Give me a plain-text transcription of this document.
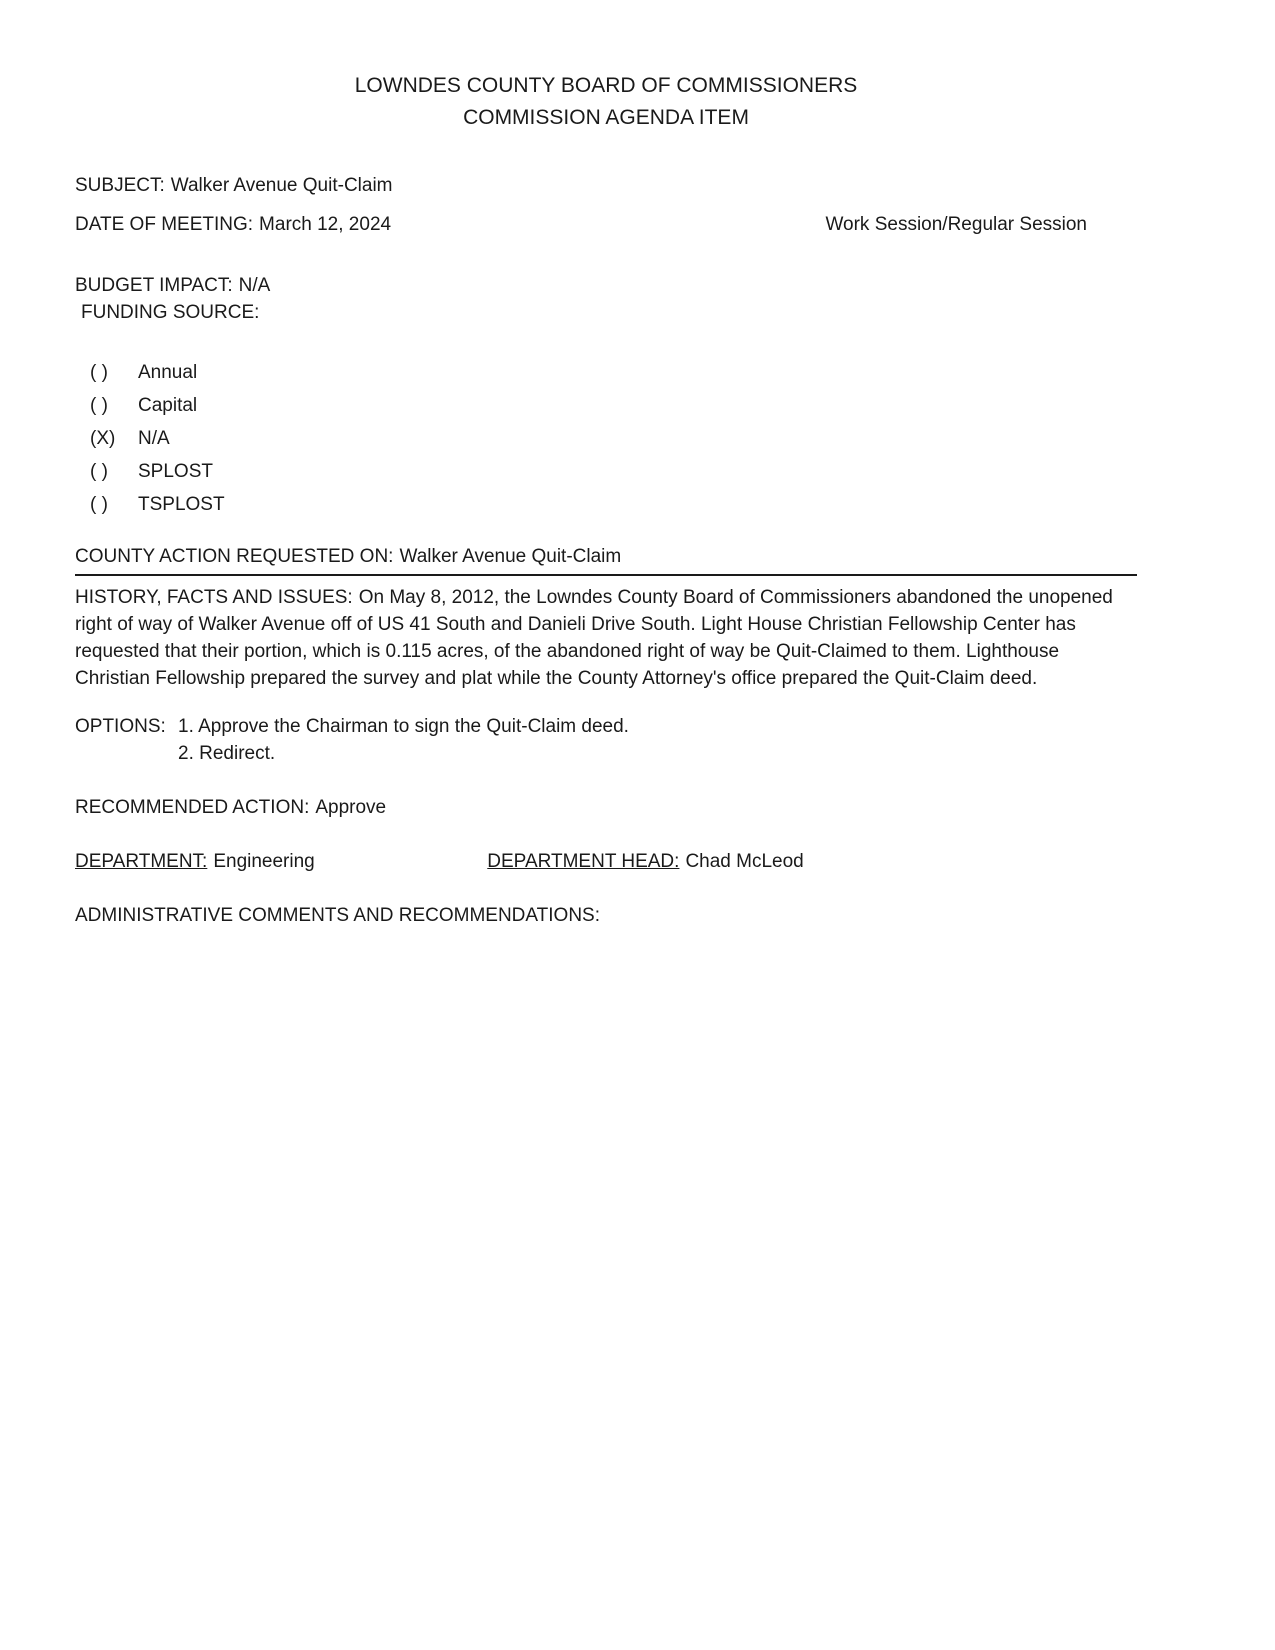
LOWNDES COUNTY BOARD OF COMMISSIONERS
COMMISSION AGENDA ITEM
SUBJECT: Walker Avenue Quit-Claim
DATE OF MEETING: March 12, 2024	Work Session/Regular Session
BUDGET IMPACT: N/A
FUNDING SOURCE:
( )	Annual
( )	Capital
(X)	N/A
( )	SPLOST
( )	TSPLOST
COUNTY ACTION REQUESTED ON: Walker Avenue Quit-Claim

HISTORY, FACTS AND ISSUES: On May 8, 2012, the Lowndes County Board of Commissioners abandoned the unopened right of way of Walker Avenue off of US 41 South and Danieli Drive South. Light House Christian Fellowship Center has requested that their portion, which is 0.115 acres, of the abandoned right of way be Quit-Claimed to them. Lighthouse Christian Fellowship prepared the survey and plat while the County Attorney's office prepared the Quit-Claim deed.

OPTIONS: 1. Approve the Chairman to sign the Quit-Claim deed.
2. Redirect.
RECOMMENDED ACTION: Approve
DEPARTMENT: Engineering	DEPARTMENT HEAD: Chad McLeod
ADMINISTRATIVE COMMENTS AND RECOMMENDATIONS:
